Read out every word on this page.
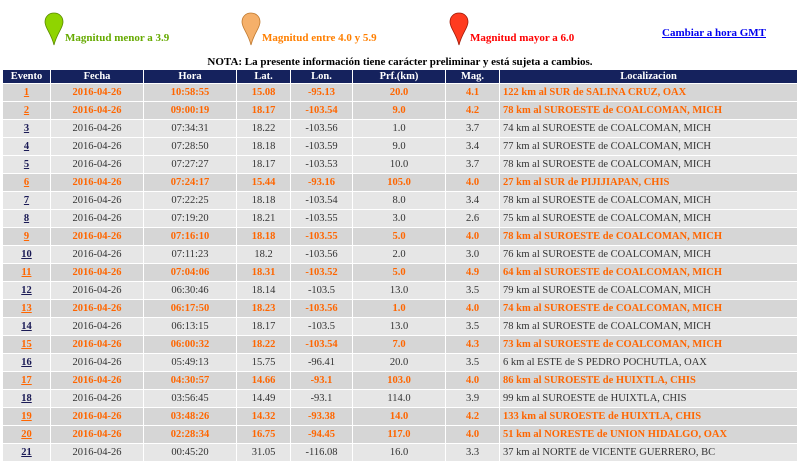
Magnitud menor a 3.9	Magnitud entre 4.0 y 5.9	Magnitud mayor a 6.0	Cambiar a hora GMT
NOTA: La presente información tiene carácter preliminar y está sujeta a cambios.
Evento	Fecha	Hora	Lat.	Lon.	Prf.(km)	Mag.	Localizacion
1	2016-04-26	10:58:55	15.08	-95.13	20.0	4.1	122 km al SUR de SALINA CRUZ, OAX
2	2016-04-26	09:00:19	18.17	-103.54	9.0	4.2	78 km al SUROESTE de COALCOMAN, MICH
3	2016-04-26	07:34:31	18.22	-103.56	1.0	3.7	74 km al SUROESTE de COALCOMAN, MICH
4	2016-04-26	07:28:50	18.18	-103.59	9.0	3.4	77 km al SUROESTE de COALCOMAN, MICH
5	2016-04-26	07:27:27	18.17	-103.53	10.0	3.7	78 km al SUROESTE de COALCOMAN, MICH
6	2016-04-26	07:24:17	15.44	-93.16	105.0	4.0	27 km al SUR de PIJIJIAPAN, CHIS
7	2016-04-26	07:22:25	18.18	-103.54	8.0	3.4	78 km al SUROESTE de COALCOMAN, MICH
8	2016-04-26	07:19:20	18.21	-103.55	3.0	2.6	75 km al SUROESTE de COALCOMAN, MICH
9	2016-04-26	07:16:10	18.18	-103.55	5.0	4.0	78 km al SUROESTE de COALCOMAN, MICH
10	2016-04-26	07:11:23	18.2	-103.56	2.0	3.0	76 km al SUROESTE de COALCOMAN, MICH
11	2016-04-26	07:04:06	18.31	-103.52	5.0	4.9	64 km al SUROESTE de COALCOMAN, MICH
12	2016-04-26	06:30:46	18.14	-103.5	13.0	3.5	79 km al SUROESTE de COALCOMAN, MICH
13	2016-04-26	06:17:50	18.23	-103.56	1.0	4.0	74 km al SUROESTE de COALCOMAN, MICH
14	2016-04-26	06:13:15	18.17	-103.5	13.0	3.5	78 km al SUROESTE de COALCOMAN, MICH
15	2016-04-26	06:00:32	18.22	-103.54	7.0	4.3	73 km al SUROESTE de COALCOMAN, MICH
16	2016-04-26	05:49:13	15.75	-96.41	20.0	3.5	6 km al ESTE de S PEDRO POCHUTLA, OAX
17	2016-04-26	04:30:57	14.66	-93.1	103.0	4.0	86 km al SUROESTE de HUIXTLA, CHIS
18	2016-04-26	03:56:45	14.49	-93.1	114.0	3.9	99 km al SUROESTE de HUIXTLA, CHIS
19	2016-04-26	03:48:26	14.32	-93.38	14.0	4.2	133 km al SUROESTE de HUIXTLA, CHIS
20	2016-04-26	02:28:34	16.75	-94.45	117.0	4.0	51 km al NORESTE de UNION HIDALGO, OAX
21	2016-04-26	00:45:20	31.05	-116.08	16.0	3.3	37 km al NORTE de VICENTE GUERRERO, BC
